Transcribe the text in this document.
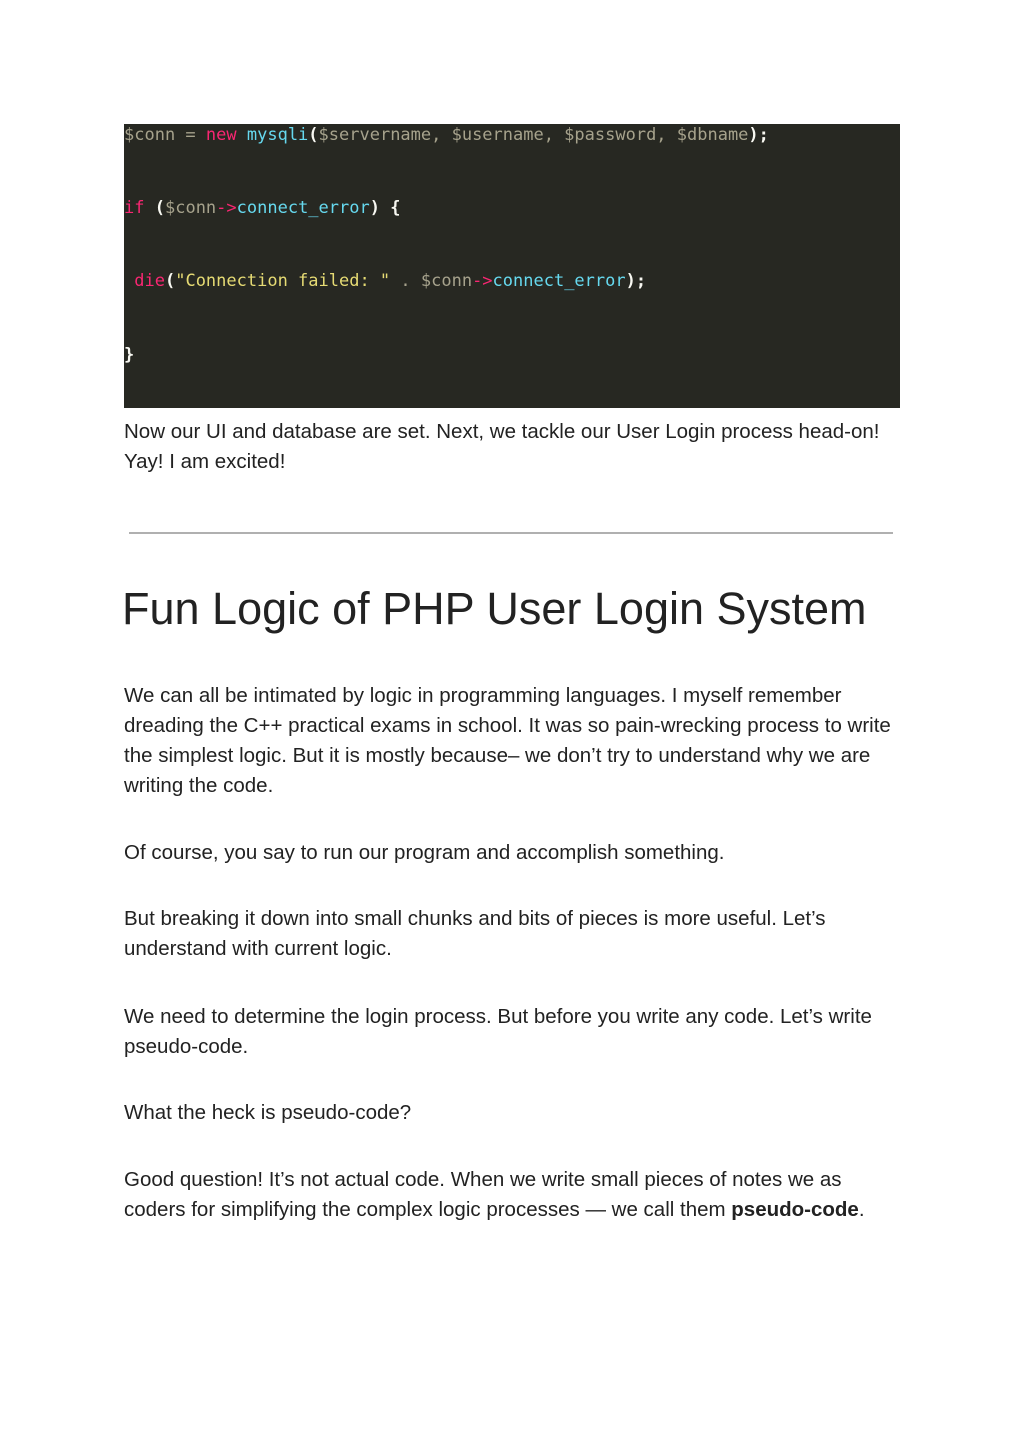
$conn = new mysqli($servername, $username, $password, $dbname);
if ($conn->connect_error) {
die("Connection failed: " . $conn->connect_error);
}

Now our UI and database are set. Next, we tackle our User Login process head-on! Yay! I am excited!

Fun Logic of PHP User Login System

We can all be intimated by logic in programming languages. I myself remember dreading the C++ practical exams in school. It was so pain-wrecking process to write the simplest logic. But it is mostly because– we don’t try to understand why we are writing the code.

Of course, you say to run our program and accomplish something.

But breaking it down into small chunks and bits of pieces is more useful. Let’s understand with current logic.

We need to determine the login process. But before you write any code. Let’s write pseudo-code.

What the heck is pseudo-code?

Good question! It’s not actual code. When we write small pieces of notes we as coders for simplifying the complex logic processes — we call them pseudo-code.
